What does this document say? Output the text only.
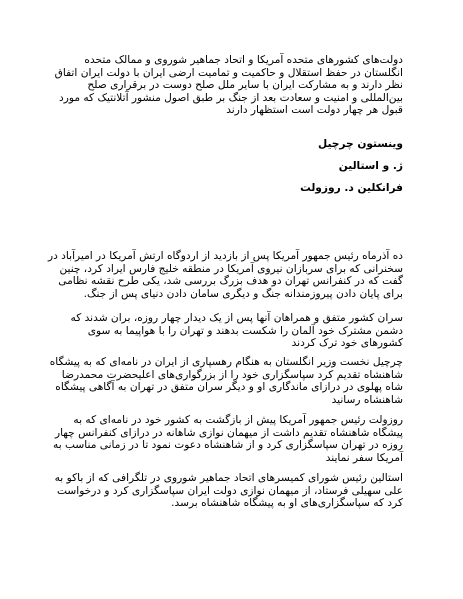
دولت‌های کشورهای متحده آمریکا و اتحاد جماهیر شوروی و ممالک متحده انگلستان در حفظ استقلال و حاکمیت و تمامیت ارضی ایران با دولت ایران اتفاق نظر دارند و به مشارکت ایران با سایر ملل صلح دوست در برقراری صلح بین‌المللی و امنیت و سعادت بعد از جنگ بر طبق اصول منشور آتلانتیک که مورد قبول هر چهار دولت است استظهار دارند

وینستون چرچیل

ژ. و استالین

فرانکلین د. روزولت

ده آذرماه رئیس جمهور آمریکا پس از بازدید از اردوگاه ارتش آمریکا در امیرآباد در سخنرانی که برای سربازان نیروی آمریکا در منطقه خلیج فارس ایراد کرد، چنین گفت که در کنفرانس تهران دو هدف بزرگ بررسی شد، یکی طرح نقشه نظامی برای پایان دادن پیروزمندانه جنگ و دیگری سامان دادن دنیای پس از جنگ.

سران کشور متفق و همراهان آنها پس از یک دیدار چهار روزه، بران شدند که دشمن مشترک خود آلمان را شکست بدهند و تهران را با هواپیما به سوی کشورهای خود ترک کردند

چرچیل نخست وزیر انگلستان به هنگام رهسپاری از ایران در نامه‌ای که به پیشگاه شاهنشاه تقدیم کرد سپاسگزاری خود را از بزرگواری‌های اعلیحضرت محمدرضا شاه پهلوی در درازای ماندگاری او و دیگر سران متفق در تهران به آگاهی پیشگاه شاهنشاه رسانید

روزولت رئیس جمهور آمریکا پیش از بازگشت به کشور خود در نامه‌ای که به پیشگاه شاهنشاه تقدیم داشت از میهمان نوازی شاهانه در درازای کنفرانس چهار روزه در تهران سپاسگزاری کرد و از شاهنشاه دعوت نمود تا در زمانی مناسب به آمریکا سفر نمایند

استالین رئیس شورای کمیسرهای اتحاد جماهیر شوروی در تلگرافی که از باکو به علی سهیلی فرستاد، از میهمان نوازی دولت ایران سپاسگزاری کرد و درخواست کرد که سپاسگزاری‌های او به پیشگاه شاهنشاه برسد.
